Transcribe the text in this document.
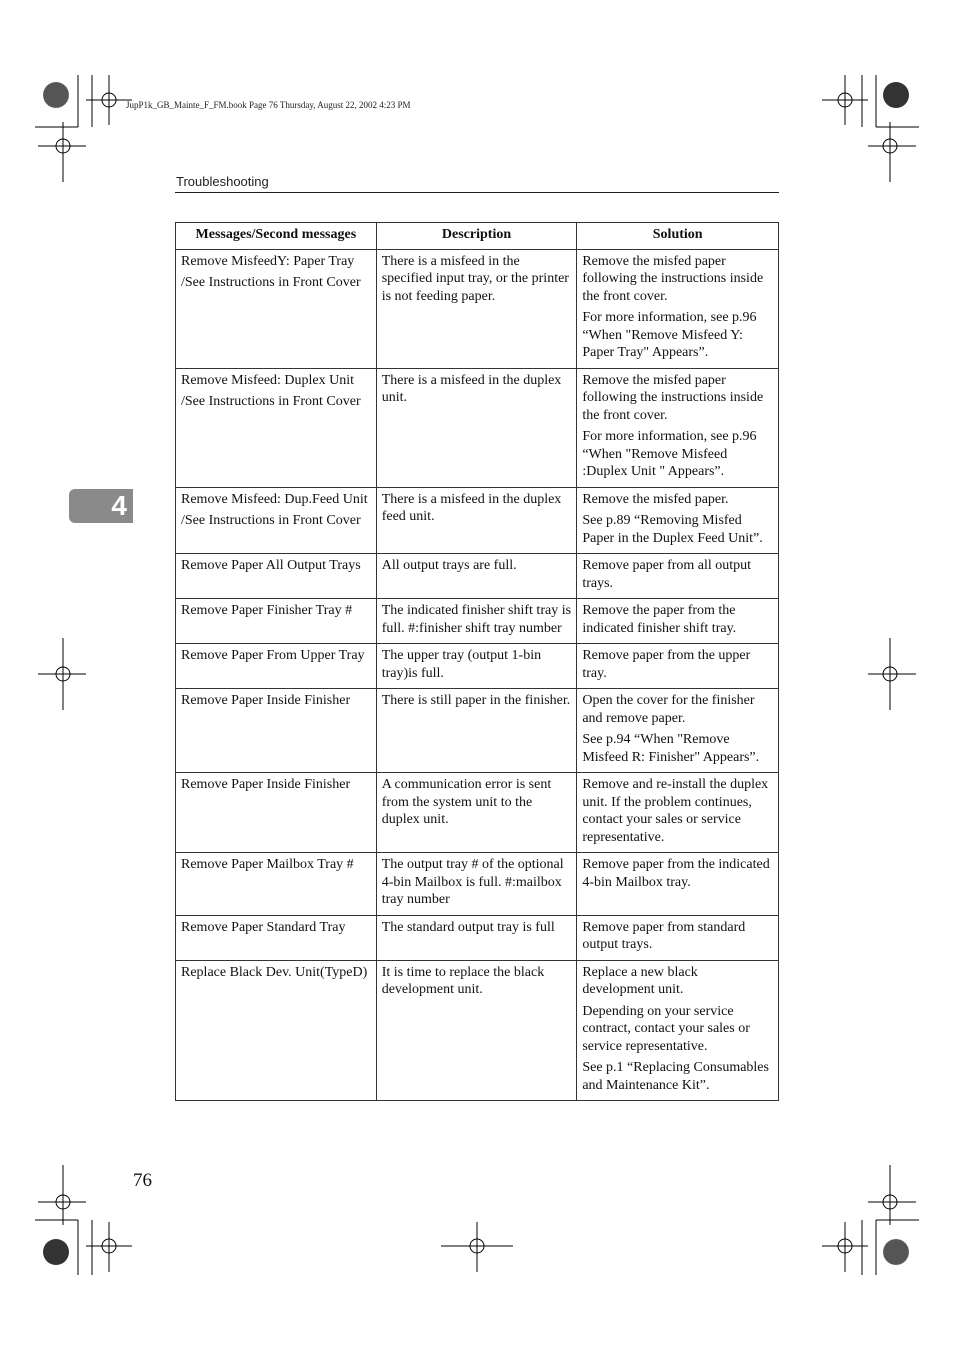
JupP1k_GB_Mainte_F_FM.book Page 76 Thursday, August 22, 2002 4:23 PM
Troubleshooting
4
76
Messages/Second messages	Description	Solution

Remove MisfeedY: Paper Tray
/See Instructions in Front Cover	There is a misfeed in the specified input tray, or the printer is not feeding paper.	Remove the misfed paper following the instructions inside the front cover.
For more information, see p.96 “When "Remove Misfeed Y: Paper Tray" Appears”.

Remove Misfeed: Duplex Unit
/See Instructions in Front Cover	There is a misfeed in the duplex unit.	Remove the misfed paper following the instructions inside the front cover.
For more information, see p.96 “When "Remove Misfeed :Duplex Unit " Appears”.

Remove Misfeed: Dup.Feed Unit
/See Instructions in Front Cover	There is a misfeed in the duplex feed unit.	Remove the misfed paper.
See p.89 “Removing Misfed Paper in the Duplex Feed Unit”.

Remove Paper All Output Trays	All output trays are full.	Remove paper from all output trays.

Remove Paper Finisher Tray #	The indicated finisher shift tray is full. #:finisher shift tray number	Remove the paper from the indicated finisher shift tray.

Remove Paper From Upper Tray	The upper tray (output 1-bin tray)is full.	Remove paper from the upper tray.

Remove Paper Inside Finisher	There is still paper in the finisher.	Open the cover for the finisher and remove paper.
See p.94 “When "Remove Misfeed R: Finisher" Appears”.

Remove Paper Inside Finisher	A communication error is sent from the system unit to the duplex unit.	Remove and re-install the duplex unit. If the problem continues, contact your sales or service representative.

Remove Paper Mailbox Tray #	The output tray # of the optional 4-bin Mailbox is full. #:mailbox tray number	Remove paper from the indicated 4-bin Mailbox tray.

Remove Paper Standard Tray	The standard output tray is full	Remove paper from standard output trays.

Replace Black Dev. Unit(TypeD)	It is time to replace the black development unit.	Replace a new black development unit.
Depending on your service contract, contact your sales or service representative.
See p.1 “Replacing Consumables and Maintenance Kit”.
